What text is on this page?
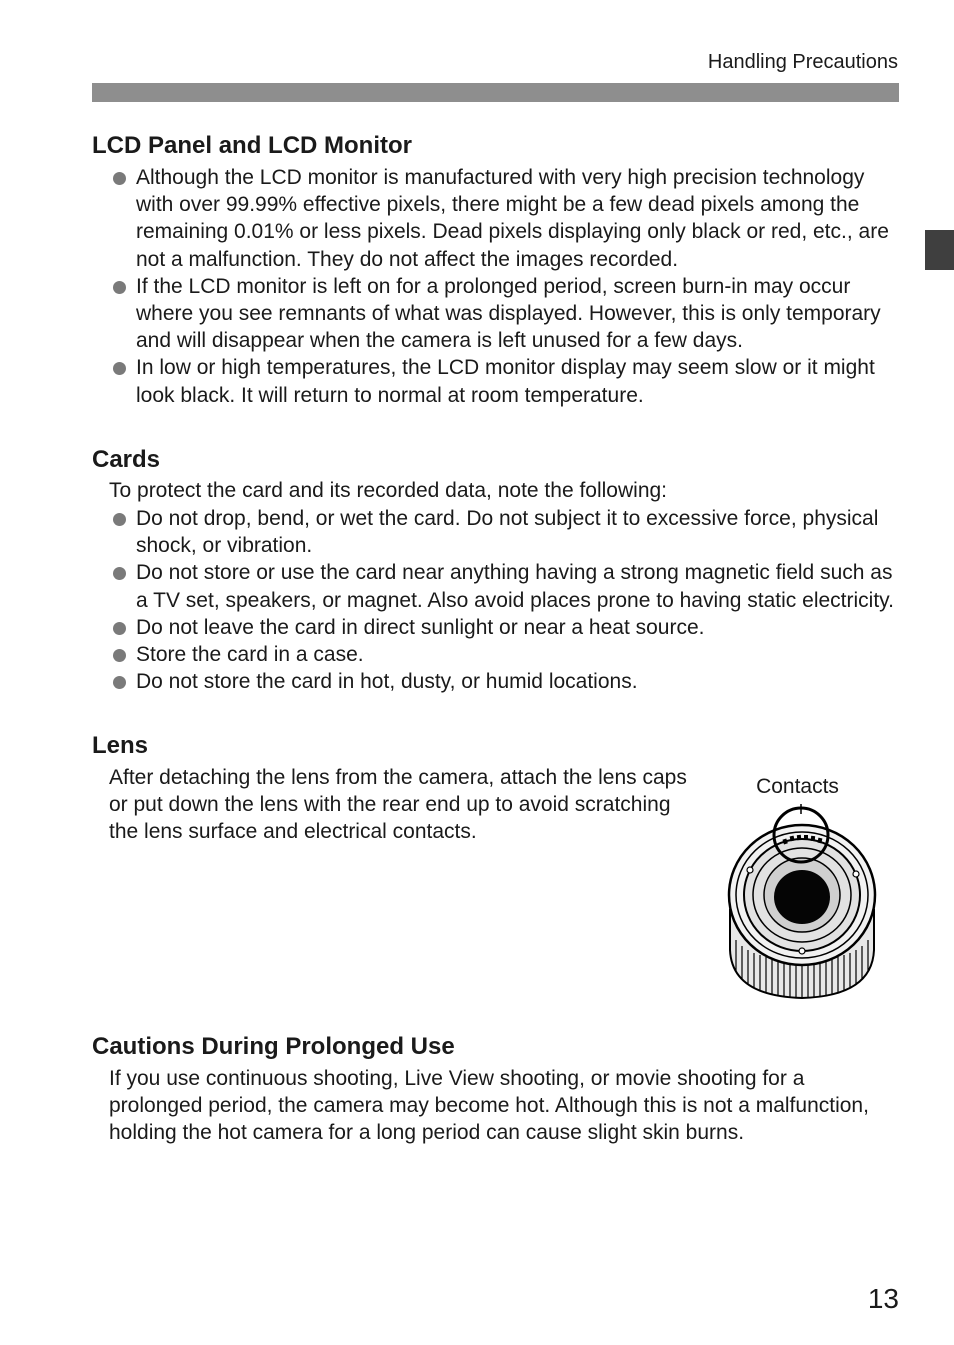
Handling Precautions
LCD Panel and LCD Monitor
Although the LCD monitor is manufactured with very high precision technology with over 99.99% effective pixels, there might be a few dead pixels among the remaining 0.01% or less pixels. Dead pixels displaying only black or red, etc., are not a malfunction. They do not affect the images recorded.
If the LCD monitor is left on for a prolonged period, screen burn-in may occur where you see remnants of what was displayed. However, this is only temporary and will disappear when the camera is left unused for a few days.
In low or high temperatures, the LCD monitor display may seem slow or it might look black. It will return to normal at room temperature.
Cards

To protect the card and its recorded data, note the following:

Do not drop, bend, or wet the card. Do not subject it to excessive force, physical shock, or vibration.
Do not store or use the card near anything having a strong magnetic field such as a TV set, speakers, or magnet. Also avoid places prone to having static electricity.
Do not leave the card in direct sunlight or near a heat source.
Store the card in a case.
Do not store the card in hot, dusty, or humid locations.
Lens

After detaching the lens from the camera, attach the lens caps or put down the lens with the rear end up to avoid scratching the lens surface and electrical contacts.

Contacts
Cautions During Prolonged Use

If you use continuous shooting, Live View shooting, or movie shooting for a prolonged period, the camera may become hot. Although this is not a malfunction, holding the hot camera for a long period can cause slight skin burns.

13
